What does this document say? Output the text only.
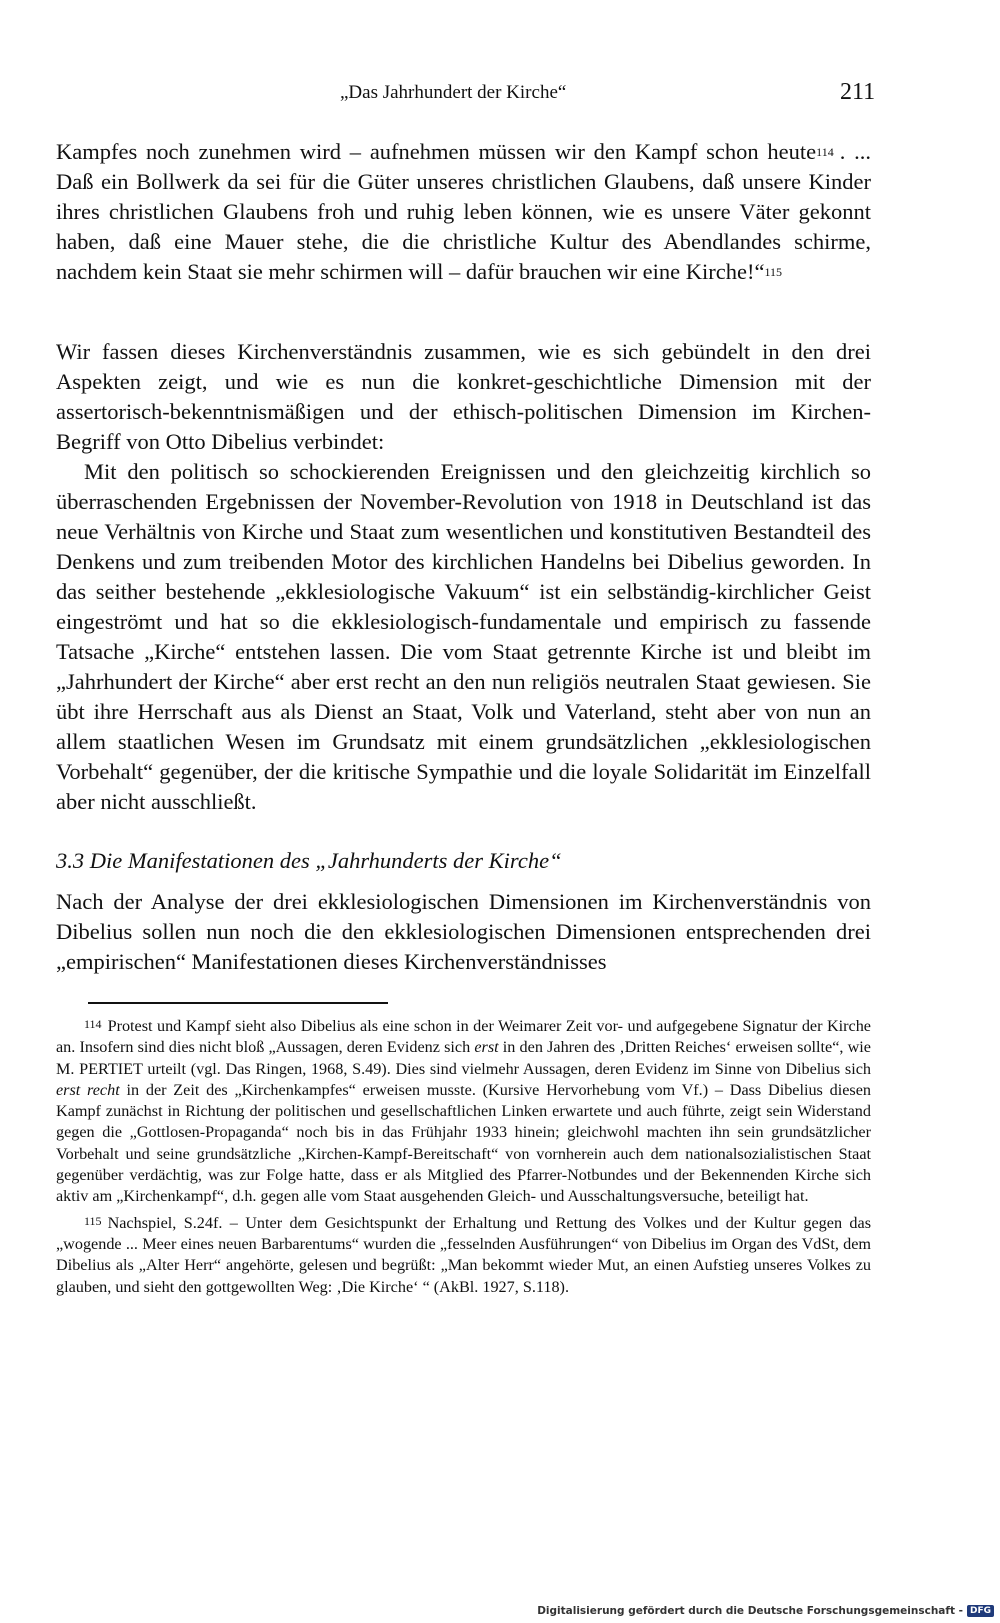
„Das Jahrhundert der Kirche“	211

Kampfes noch zunehmen wird – aufnehmen müssen wir den Kampf schon heute$^{114}$ . ... Daß ein Bollwerk da sei für die Güter unseres christlichen Glaubens, daß unsere Kinder ihres christlichen Glaubens froh und ruhig leben können, wie es unsere Väter gekonnt haben, daß eine Mauer stehe, die die christliche Kultur des Abendlandes schirme, nachdem kein Staat sie mehr schirmen will – dafür brauchen wir eine Kirche!“$^{115}$

Wir fassen dieses Kirchenverständnis zusammen, wie es sich gebündelt in den drei Aspekten zeigt, und wie es nun die konkret-geschichtliche Dimension mit der assertorisch-bekenntnismäßigen und der ethisch-politischen Dimension im Kirchen-Begriff von Otto Dibelius verbindet:

Mit den politisch so schockierenden Ereignissen und den gleichzeitig kirchlich so überraschenden Ergebnissen der November-Revolution von 1918 in Deutschland ist das neue Verhältnis von Kirche und Staat zum wesentlichen und konstitutiven Bestandteil des Denkens und zum treibenden Motor des kirchlichen Handelns bei Dibelius geworden. In das seither bestehende „ekklesiologische Vakuum“ ist ein selbständig-kirchlicher Geist eingeströmt und hat so die ekklesiologisch-fundamentale und empirisch zu fassende Tatsache „Kirche“ entstehen lassen. Die vom Staat getrennte Kirche ist und bleibt im „Jahrhundert der Kirche“ aber erst recht an den nun religiös neutralen Staat gewiesen. Sie übt ihre Herrschaft aus als Dienst an Staat, Volk und Vaterland, steht aber von nun an allem staatlichen Wesen im Grundsatz mit einem grundsätzlichen „ekklesiologischen Vorbehalt“ gegenüber, der die kritische Sympathie und die loyale Solidarität im Einzelfall aber nicht ausschließt.

3.3 Die Manifestationen des „Jahrhunderts der Kirche“

Nach der Analyse der drei ekklesiologischen Dimensionen im Kirchenverständnis von Dibelius sollen nun noch die den ekklesiologischen Dimensionen entsprechenden drei „empirischen“ Manifestationen dieses Kirchenverständnisses

114 Protest und Kampf sieht also Dibelius als eine schon in der Weimarer Zeit vor- und aufgegebene Signatur der Kirche an. Insofern sind dies nicht bloß „Aussagen, deren Evidenz sich erst in den Jahren des ‚Dritten Reiches‘ erweisen sollte“, wie M. PERTIET urteilt (vgl. Das Ringen, 1968, S.49). Dies sind vielmehr Aussagen, deren Evidenz im Sinne von Dibelius sich erst recht in der Zeit des „Kirchenkampfes“ erweisen musste. (Kursive Hervorhebung vom Vf.) – Dass Dibelius diesen Kampf zunächst in Richtung der politischen und gesellschaftlichen Linken erwartete und auch führte, zeigt sein Widerstand gegen die „Gottlosen-Propaganda“ noch bis in das Frühjahr 1933 hinein; gleichwohl machten ihn sein grundsätzlicher Vorbehalt und seine grundsätzliche „Kirchen-Kampf-Bereitschaft“ von vornherein auch dem nationalsozialistischen Staat gegenüber verdächtig, was zur Folge hatte, dass er als Mitglied des Pfarrer-Notbundes und der Bekennenden Kirche sich aktiv am „Kirchenkampf“, d.h. gegen alle vom Staat ausgehenden Gleich- und Ausschaltungsversuche, beteiligt hat.

115 Nachspiel, S.24f. – Unter dem Gesichtspunkt der Erhaltung und Rettung des Volkes und der Kultur gegen das „wogende ... Meer eines neuen Barbarentums“ wurden die „fesselnden Ausführungen“ von Dibelius im Organ des VdSt, dem Dibelius als „Alter Herr“ angehörte, gelesen und begrüßt: „Man bekommt wieder Mut, an einen Aufstieg unseres Volkes zu glauben, und sieht den gottgewollten Weg: ‚Die Kirche‘ “ (AkBl. 1927, S.118).

Digitalisierung gefördert durch die Deutsche Forschungsgemeinschaft - DFG
